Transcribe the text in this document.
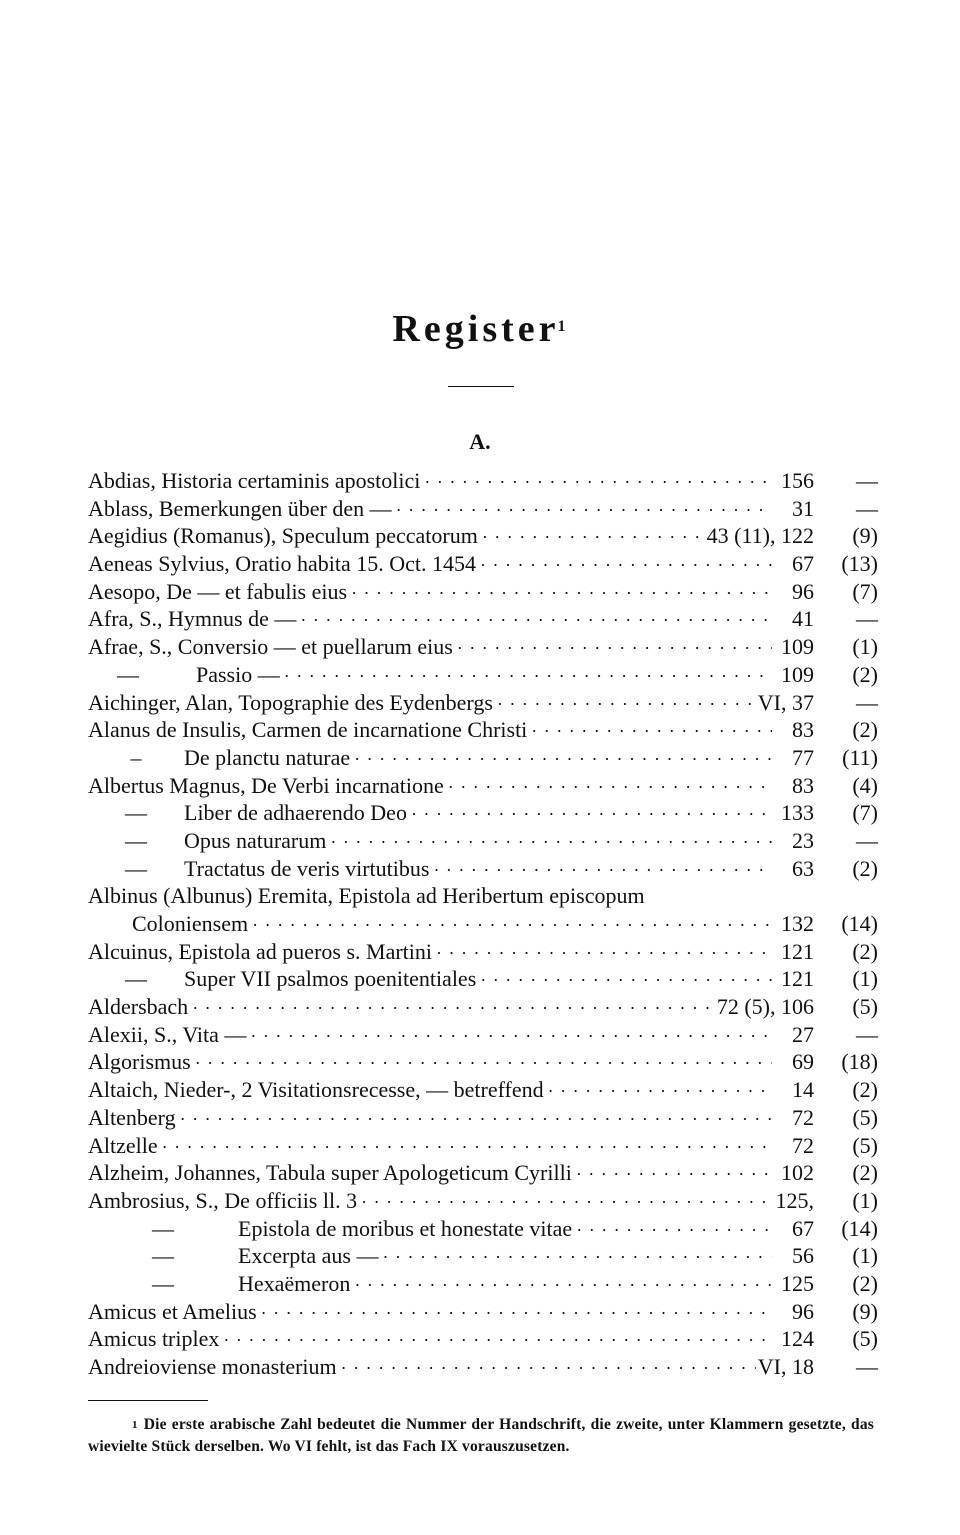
Register$^1$
A.
Abdias, Historia certaminis apostolici · · ·	156	—
Ablass, Bemerkungen über den — · · ·	31	—
Aegidius (Romanus), Speculum peccatorum · · ·	43 (11), 122	(9)
Aeneas Sylvius, Oratio habita 15. Oct. 1454 · · ·	67	(13)
Aesopo, De — et fabulis eius · · ·	96	(7)
Afra, S., Hymnus de — · · ·	41	—
Afrae, S., Conversio — et puellarum eius · · ·	109	(1)
—	Passio — · · ·	109	(2)
Aichinger, Alan, Topographie des Eydenbergs · · ·	VI, 37	—
Alanus de Insulis, Carmen de incarnatione Christi · · ·	83	(2)
– De planctu naturae · · ·	77	(11)
Albertus Magnus, De Verbi incarnatione · · ·	83	(4)
— Liber de adhaerendo Deo · · ·	133	(7)
— Opus naturarum · · ·	23	—
— Tractatus de veris virtutibus · · ·	63	(2)
Albinus (Albunus) Eremita, Epistola ad Heribertum episcopum
Coloniensem · · ·	132	(14)
Alcuinus, Epistola ad pueros s. Martini · · ·	121	(2)
— Super VII psalmos poenitentiales · · ·	121	(1)
Aldersbach · · ·	72 (5), 106	(5)
Alexii, S., Vita — · · ·	27	—
Algorismus · · ·	69	(18)
Altaich, Nieder-, 2 Visitationsrecesse, — betreffend · · ·	14	(2)
Altenberg · · ·	72	(5)
Altzelle · · ·	72	(5)
Alzheim, Johannes, Tabula super Apologeticum Cyrilli · · ·	102	(2)
Ambrosius, S., De officiis ll. 3 · · ·	125,	(1)
—	Epistola de moribus et honestate vitae · · ·	67	(14)
—	Excerpta aus — · · ·	56	(1)
—	Hexaëmeron · · ·	125	(2)
Amicus et Amelius · · ·	96	(9)
Amicus triplex · · ·	124	(5)
Andreioviense monasterium · · ·	VI, 18	—
$^1$ Die erste arabische Zahl bedeutet die Nummer der Handschrift, die zweite, unter Klammern gesetzte, das wievielte Stück derselben. Wo VI fehlt, ist das Fach IX vorauszusetzen.
